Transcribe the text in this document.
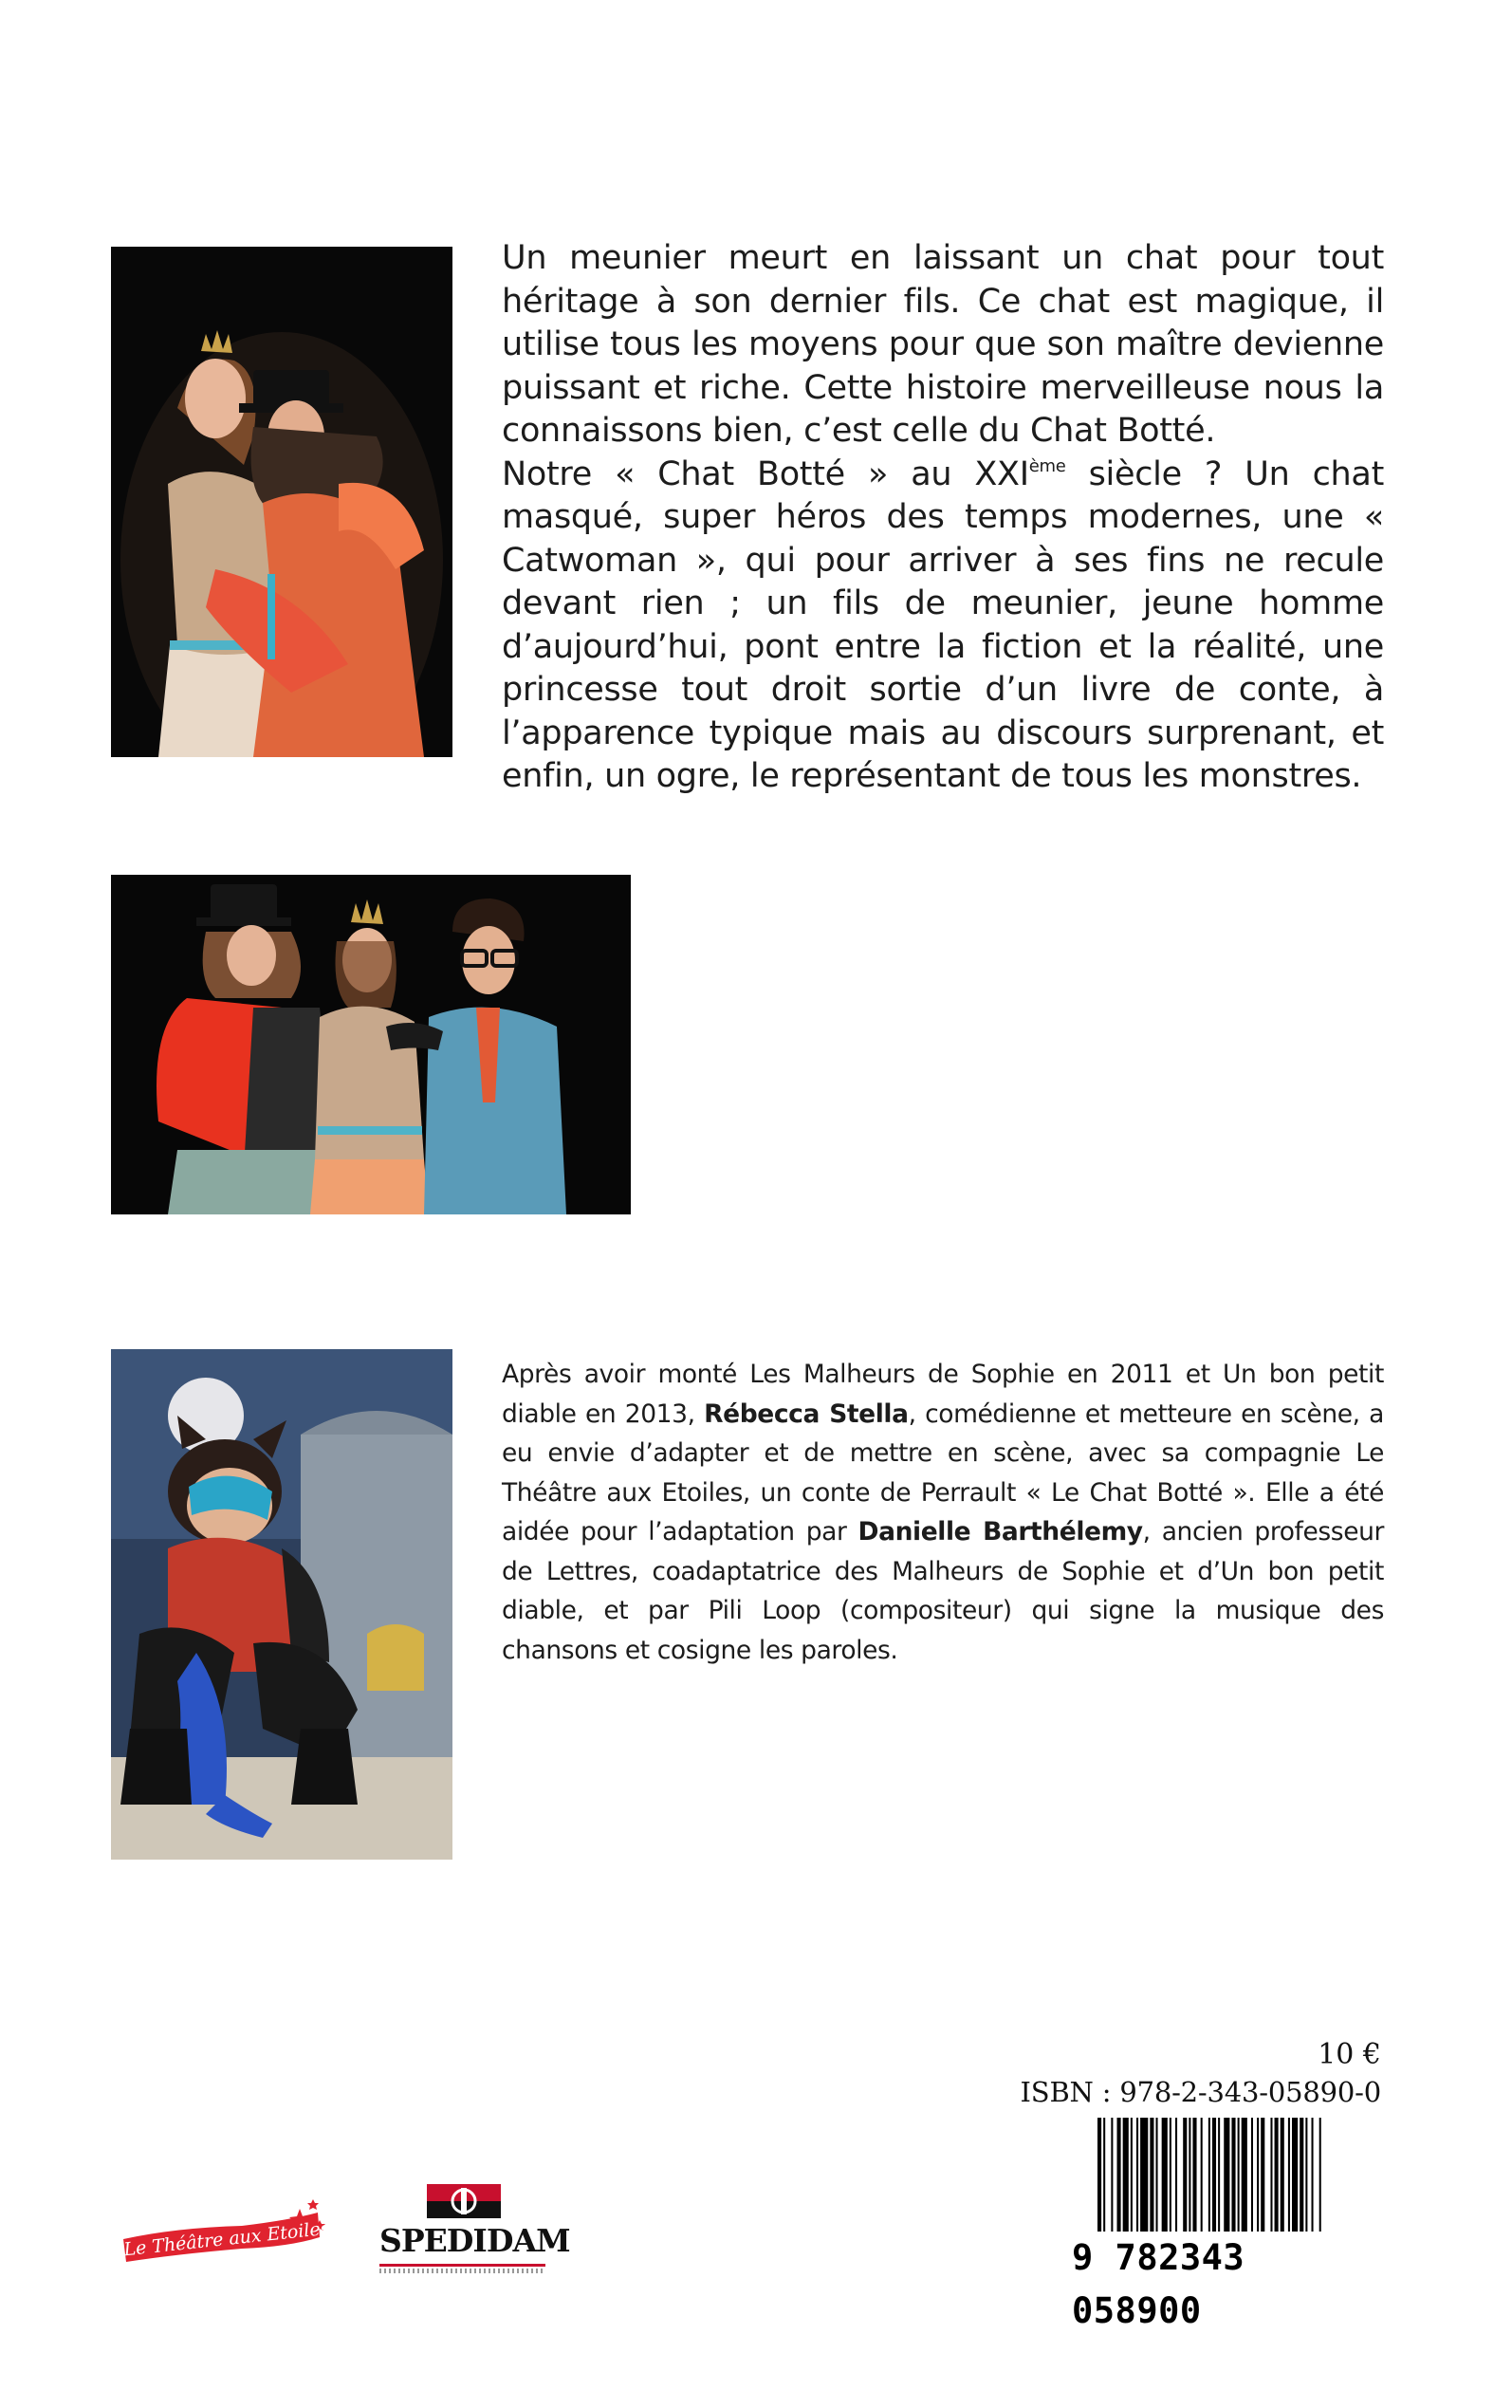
Un meunier meurt en laissant un chat pour tout héritage à son dernier fils. Ce chat est magique, il utilise tous les moyens pour que son maître devienne puissant et riche. Cette histoire merveilleuse nous la connaissons bien, c’est celle du Chat Botté.

Notre « Chat Botté » au XXIème siècle ? Un chat masqué, super héros des temps modernes, une « Catwoman », qui pour arriver à ses fins ne recule devant rien ; un fils de meunier, jeune homme d’aujourd’hui, pont entre la fiction et la réalité, une princesse tout droit sortie d’un livre de conte, à l’apparence typique mais au discours surprenant, et enfin, un ogre, le représentant de tous les monstres.

Après avoir monté Les Malheurs de Sophie en 2011 et Un bon petit diable en 2013, Rébecca Stella, comédienne et metteure en scène, a eu envie d’adapter et de mettre en scène, avec sa compagnie Le Théâtre aux Etoiles, un conte de Perrault « Le Chat Botté ». Elle a été aidée pour l’adaptation par Danielle Barthélemy, ancien professeur de Lettres, coadaptatrice des Malheurs de Sophie et d’Un bon petit diable, et par Pili Loop (compositeur) qui signe la musique des chansons et cosigne les paroles.

10 €
ISBN : 978-2-343-05890-0
9 782343 058900
Le Théâtre aux Etoiles SPEDIDAM
